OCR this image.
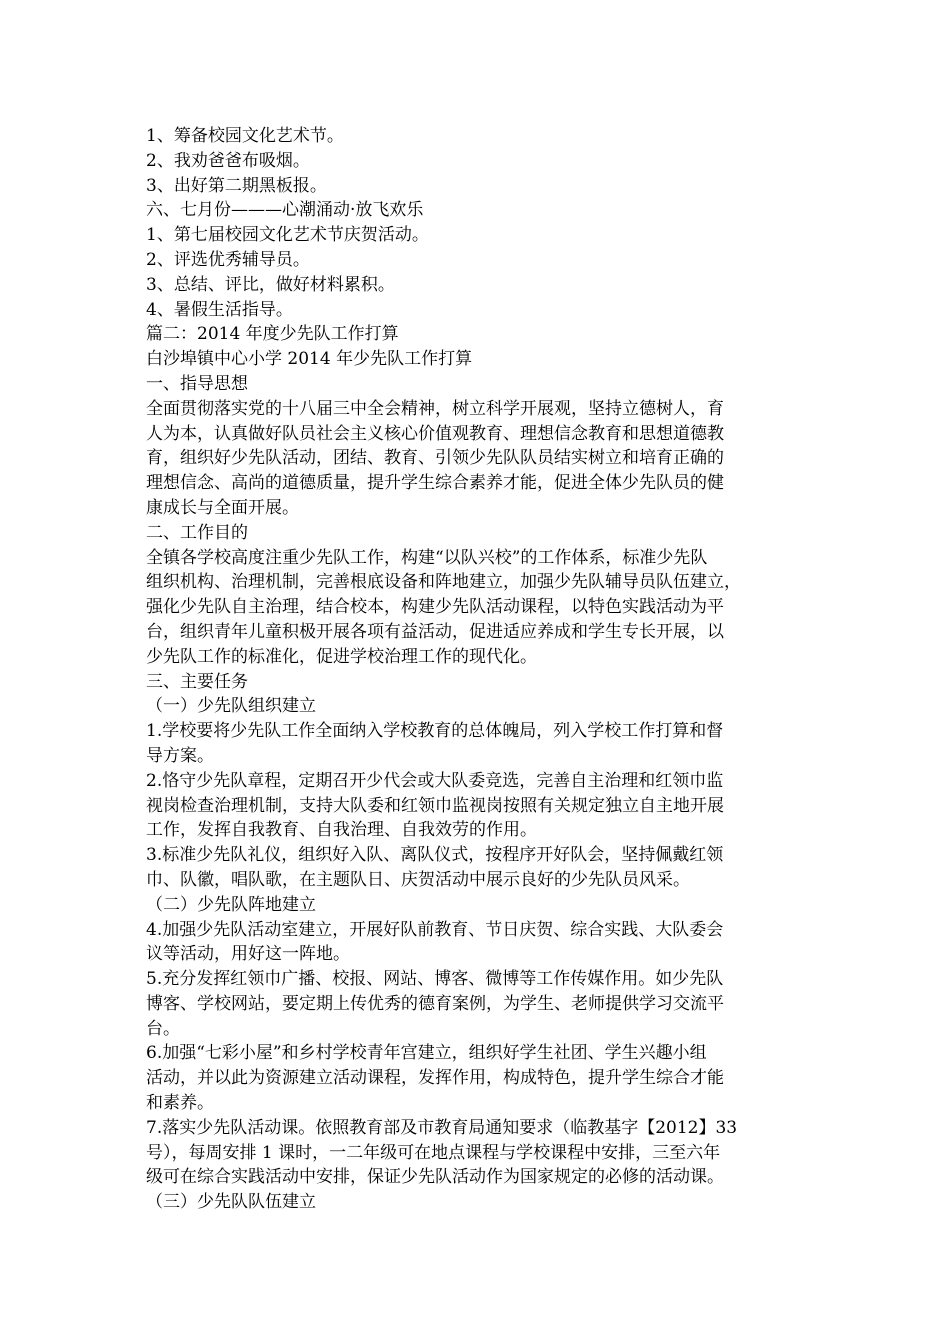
1、筹备校园文化艺术节。
2、我劝爸爸布吸烟。
3、出好第二期黑板报。
六、七月份———心潮涌动·放飞欢乐
1、第七届校园文化艺术节庆贺活动。
2、评选优秀辅导员。
3、总结、评比，做好材料累积。
4、暑假生活指导。
篇二：2014 年度少先队工作打算
白沙埠镇中心小学 2014 年少先队工作打算
一、指导思想
全面贯彻落实党的十八届三中全会精神，树立科学开展观，坚持立德树人，育
人为本，认真做好队员社会主义核心价值观教育、理想信念教育和思想道德教
育，组织好少先队活动，团结、教育、引领少先队队员结实树立和培育正确的
理想信念、高尚的道德质量，提升学生综合素养才能，促进全体少先队员的健
康成长与全面开展。
二、工作目的
全镇各学校高度注重少先队工作，构建“以队兴校”的工作体系，标准少先队
组织机构、治理机制，完善根底设备和阵地建立，加强少先队辅导员队伍建立，
强化少先队自主治理，结合校本，构建少先队活动课程，以特色实践活动为平
台，组织青年儿童积极开展各项有益活动，促进适应养成和学生专长开展，以
少先队工作的标准化，促进学校治理工作的现代化。
三、主要任务
（一）少先队组织建立
1.学校要将少先队工作全面纳入学校教育的总体魄局，列入学校工作打算和督
导方案。
2.恪守少先队章程，定期召开少代会或大队委竞选，完善自主治理和红领巾监
视岗检查治理机制，支持大队委和红领巾监视岗按照有关规定独立自主地开展
工作，发挥自我教育、自我治理、自我效劳的作用。
3.标准少先队礼仪，组织好入队、离队仪式，按程序开好队会，坚持佩戴红领
巾、队徽，唱队歌，在主题队日、庆贺活动中展示良好的少先队员风采。
（二）少先队阵地建立
4.加强少先队活动室建立，开展好队前教育、节日庆贺、综合实践、大队委会
议等活动，用好这一阵地。
5.充分发挥红领巾广播、校报、网站、博客、微博等工作传媒作用。如少先队
博客、学校网站，要定期上传优秀的德育案例，为学生、老师提供学习交流平
台。
6.加强“七彩小屋”和乡村学校青年宫建立，组织好学生社团、学生兴趣小组
活动，并以此为资源建立活动课程，发挥作用，构成特色，提升学生综合才能
和素养。
7.落实少先队活动课。依照教育部及市教育局通知要求（临教基字【2012】33
号），每周安排 1 课时，一二年级可在地点课程与学校课程中安排，三至六年
级可在综合实践活动中安排，保证少先队活动作为国家规定的必修的活动课。
（三）少先队队伍建立
